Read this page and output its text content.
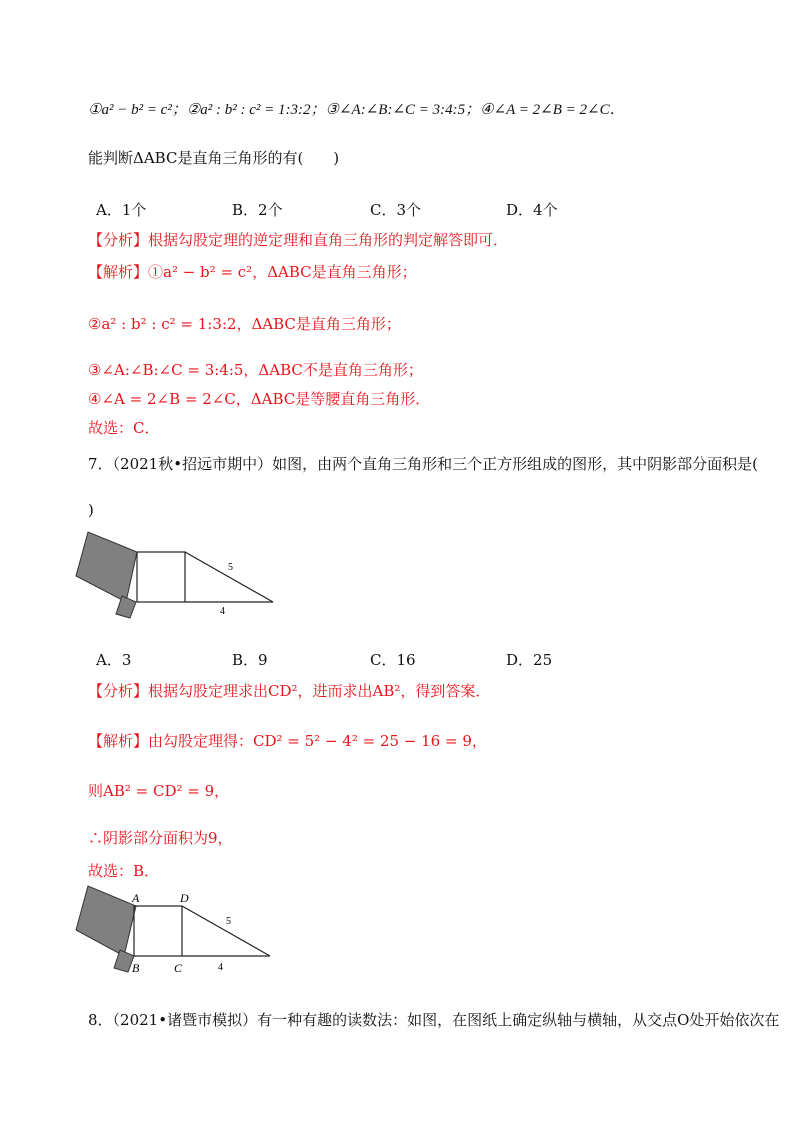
①a² − b² = c²；②a² : b² : c² = 1:3:2；③∠A:∠B:∠C = 3:4:5；④∠A = 2∠B = 2∠C．
能判断ΔABC是直角三角形的有(　　)
A．1个	B．2个	C．3个	D．4个
【分析】根据勾股定理的逆定理和直角三角形的判定解答即可．
【解析】①a² − b² = c²，ΔABC是直角三角形；
②a² : b² : c² = 1:3:2，ΔABC是直角三角形；
③∠A:∠B:∠C = 3:4:5，ΔABC不是直角三角形；
④∠A = 2∠B = 2∠C，ΔABC是等腰直角三角形．
故选：C．
7．（2021秋•招远市期中）如图，由两个直角三角形和三个正方形组成的图形，其中阴影部分面积是(
)
5
4
A．3	B．9	C．16	D．25
【分析】根据勾股定理求出CD²，进而求出AB²，得到答案．
【解析】由勾股定理得：CD² = 5² − 4² = 25 − 16 = 9，
则AB² = CD² = 9，
∴阴影部分面积为9，
故选：B．
A	D
B	C
5
4
8．（2021•诸暨市模拟）有一种有趣的读数法：如图，在图纸上确定纵轴与横轴，从交点O处开始依次在
